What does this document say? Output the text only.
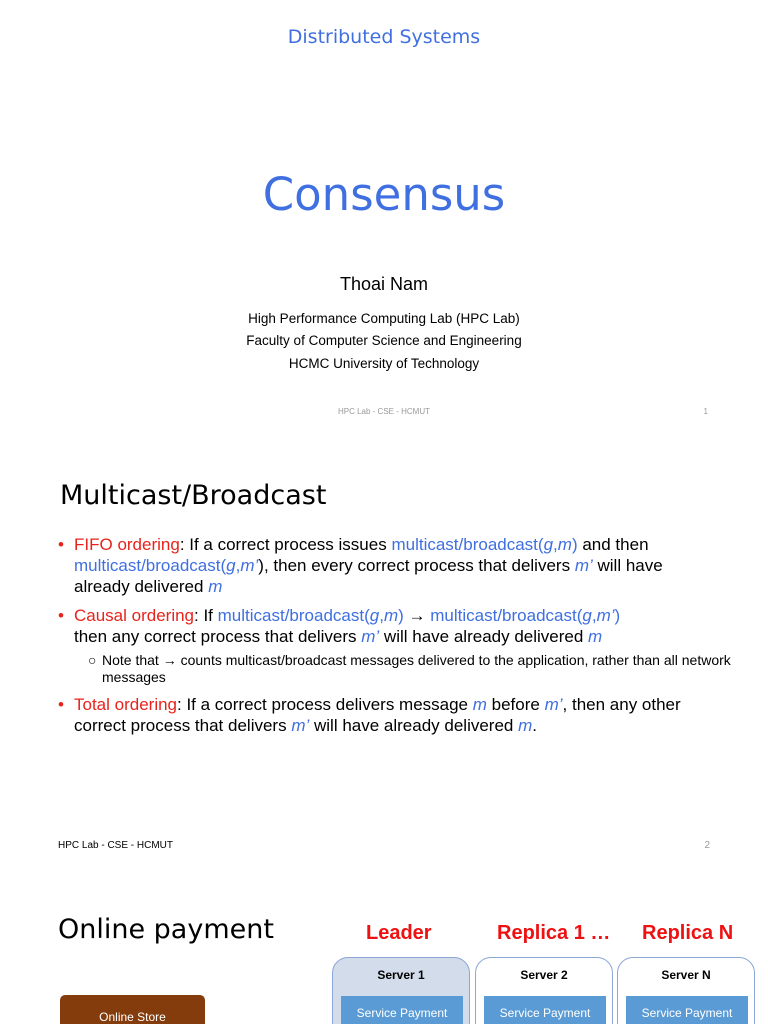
Distributed Systems
Consensus
Thoai Nam
High Performance Computing Lab (HPC Lab)
Faculty of Computer Science and Engineering
HCMC University of Technology
HPC Lab - CSE - HCMUT	1
Multicast/Broadcast
• FIFO ordering: If a correct process issues multicast/broadcast(g,m) and then multicast/broadcast(g,m’), then every correct process that delivers m’ will have already delivered m
• Causal ordering: If multicast/broadcast(g,m) → multicast/broadcast(g,m’)
then any correct process that delivers m’ will have already delivered m
○ Note that → counts multicast/broadcast messages delivered to the application, rather than all network messages
• Total ordering: If a correct process delivers message m before m’, then any other correct process that delivers m’ will have already delivered m.
HPC Lab - CSE - HCMUT	2
Online payment	Leader	Replica 1 … Replica N
Server 1
Service Payment
Server 2
Service Payment
Server N
Service Payment
Online Store
